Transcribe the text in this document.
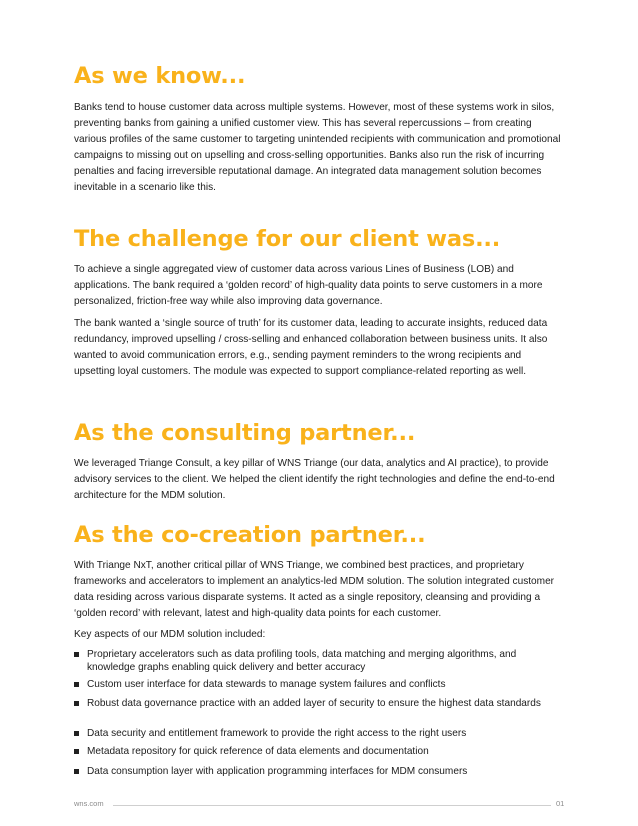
As we know...

Banks tend to house customer data across multiple systems. However, most of these systems work in silos, preventing banks from gaining a unified customer view. This has several repercussions – from creating various profiles of the same customer to targeting unintended recipients with communication and promotional campaigns to missing out on upselling and cross-selling opportunities. Banks also run the risk of incurring penalties and facing irreversible reputational damage. An integrated data management solution becomes inevitable in a scenario like this.

The challenge for our client was...

To achieve a single aggregated view of customer data across various Lines of Business (LOB) and applications. The bank required a ‘golden record’ of high-quality data points to serve customers in a more personalized, friction-free way while also improving data governance.

The bank wanted a ‘single source of truth’ for its customer data, leading to accurate insights, reduced data redundancy, improved upselling / cross-selling and enhanced collaboration between business units. It also wanted to avoid communication errors, e.g., sending payment reminders to the wrong recipients and upsetting loyal customers. The module was expected to support compliance-related reporting as well.

As the consulting partner...

We leveraged Triange Consult, a key pillar of WNS Triange (our data, analytics and AI practice), to provide advisory services to the client. We helped the client identify the right technologies and define the end-to-end architecture for the MDM solution.

As the co-creation partner...

With Triange NxT, another critical pillar of WNS Triange, we combined best practices, and proprietary frameworks and accelerators to implement an analytics-led MDM solution. The solution integrated customer data residing across various disparate systems. It acted as a single repository, cleansing and providing a ‘golden record’ with relevant, latest and high-quality data points for each customer.

Key aspects of our MDM solution included:

Proprietary accelerators such as data profiling tools, data matching and merging algorithms, and knowledge graphs enabling quick delivery and better accuracy
Custom user interface for data stewards to manage system failures and conflicts
Robust data governance practice with an added layer of security to ensure the highest data standards
Data security and entitlement framework to provide the right access to the right users
Metadata repository for quick reference of data elements and documentation
Data consumption layer with application programming interfaces for MDM consumers
wns.com	01
